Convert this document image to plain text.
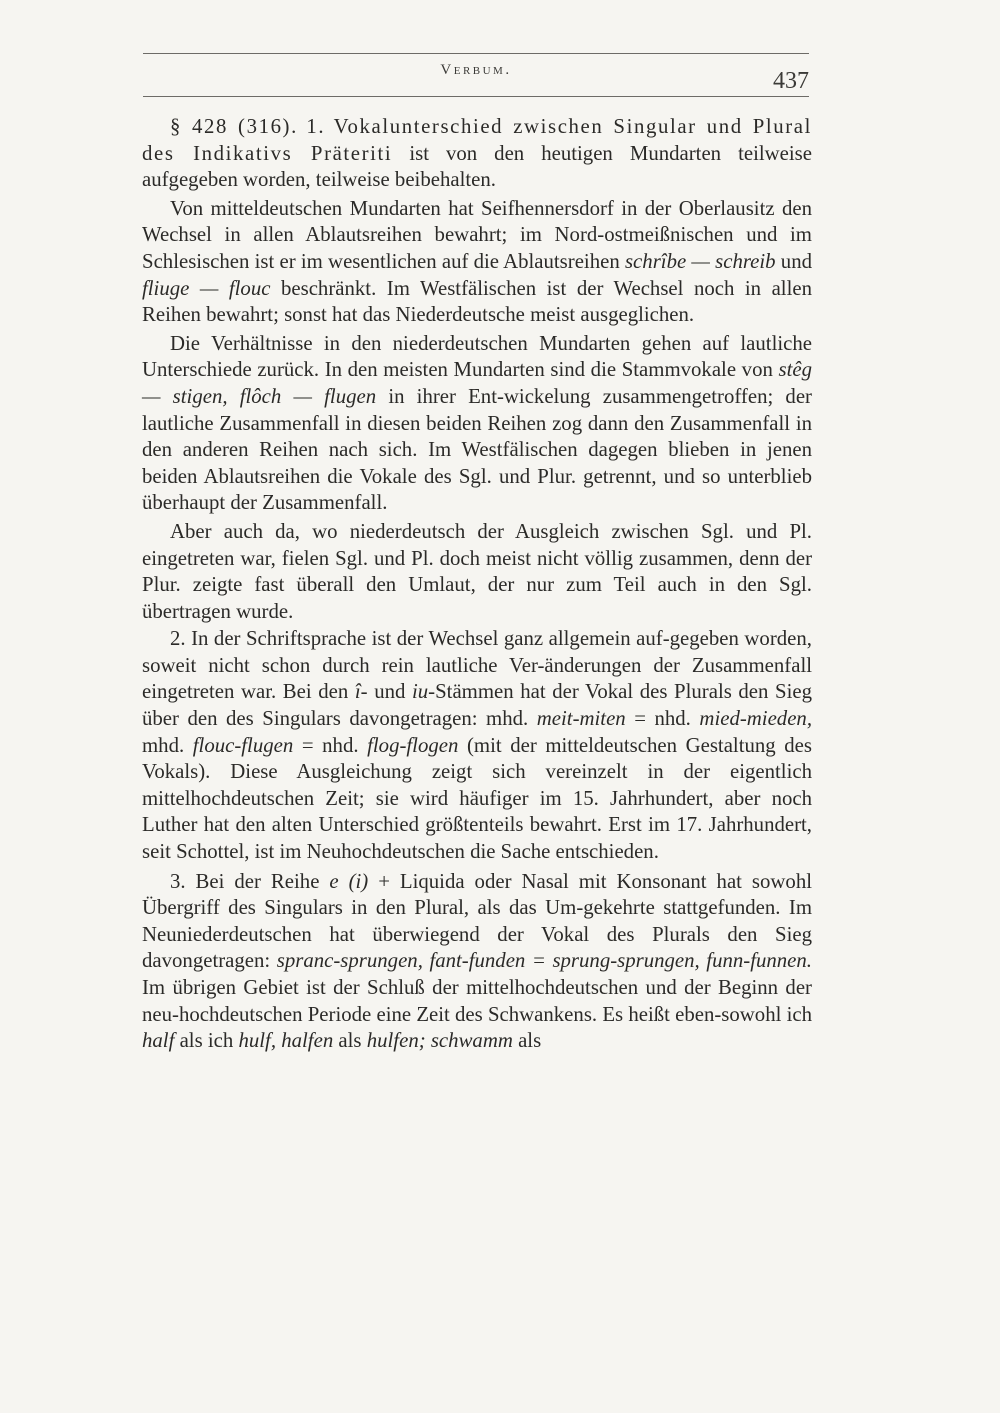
Verbum.	437

§ 428 (316). 1. Vokalunterschied zwischen Singular und Plural des Indikativs Präteriti ist von den heutigen Mundarten teilweise aufgegeben worden, teilweise beibehalten.

Von mitteldeutschen Mundarten hat Seifhennersdorf in der Oberlausitz den Wechsel in allen Ablautsreihen bewahrt; im Nord-ostmeißnischen und im Schlesischen ist er im wesentlichen auf die Ablautsreihen schrîbe — schreib und fliuge — flouc beschränkt. Im Westfälischen ist der Wechsel noch in allen Reihen bewahrt; sonst hat das Niederdeutsche meist ausgeglichen.

Die Verhältnisse in den niederdeutschen Mundarten gehen auf lautliche Unterschiede zurück. In den meisten Mundarten sind die Stammvokale von stêg — stigen, flôch — flugen in ihrer Ent-wickelung zusammengetroffen; der lautliche Zusammenfall in diesen beiden Reihen zog dann den Zusammenfall in den anderen Reihen nach sich. Im Westfälischen dagegen blieben in jenen beiden Ablautsreihen die Vokale des Sgl. und Plur. getrennt, und so unterblieb überhaupt der Zusammenfall.

Aber auch da, wo niederdeutsch der Ausgleich zwischen Sgl. und Pl. eingetreten war, fielen Sgl. und Pl. doch meist nicht völlig zusammen, denn der Plur. zeigte fast überall den Umlaut, der nur zum Teil auch in den Sgl. übertragen wurde.

2. In der Schriftsprache ist der Wechsel ganz allgemein auf-gegeben worden, soweit nicht schon durch rein lautliche Ver-änderungen der Zusammenfall eingetreten war. Bei den î- und iu-Stämmen hat der Vokal des Plurals den Sieg über den des Singulars davongetragen: mhd. meit-miten = nhd. mied-mieden, mhd. flouc-flugen = nhd. flog-flogen (mit der mitteldeutschen Gestaltung des Vokals). Diese Ausgleichung zeigt sich vereinzelt in der eigentlich mittelhochdeutschen Zeit; sie wird häufiger im 15. Jahrhundert, aber noch Luther hat den alten Unterschied größtenteils bewahrt. Erst im 17. Jahrhundert, seit Schottel, ist im Neuhochdeutschen die Sache entschieden.

3. Bei der Reihe e (i) + Liquida oder Nasal mit Konsonant hat sowohl Übergriff des Singulars in den Plural, als das Um-gekehrte stattgefunden. Im Neuniederdeutschen hat überwiegend der Vokal des Plurals den Sieg davongetragen: spranc-sprungen, fant-funden = sprung-sprungen, funn-funnen. Im übrigen Gebiet ist der Schluß der mittelhochdeutschen und der Beginn der neu-hochdeutschen Periode eine Zeit des Schwankens. Es heißt eben-sowohl ich half als ich hulf, halfen als hulfen; schwamm als
